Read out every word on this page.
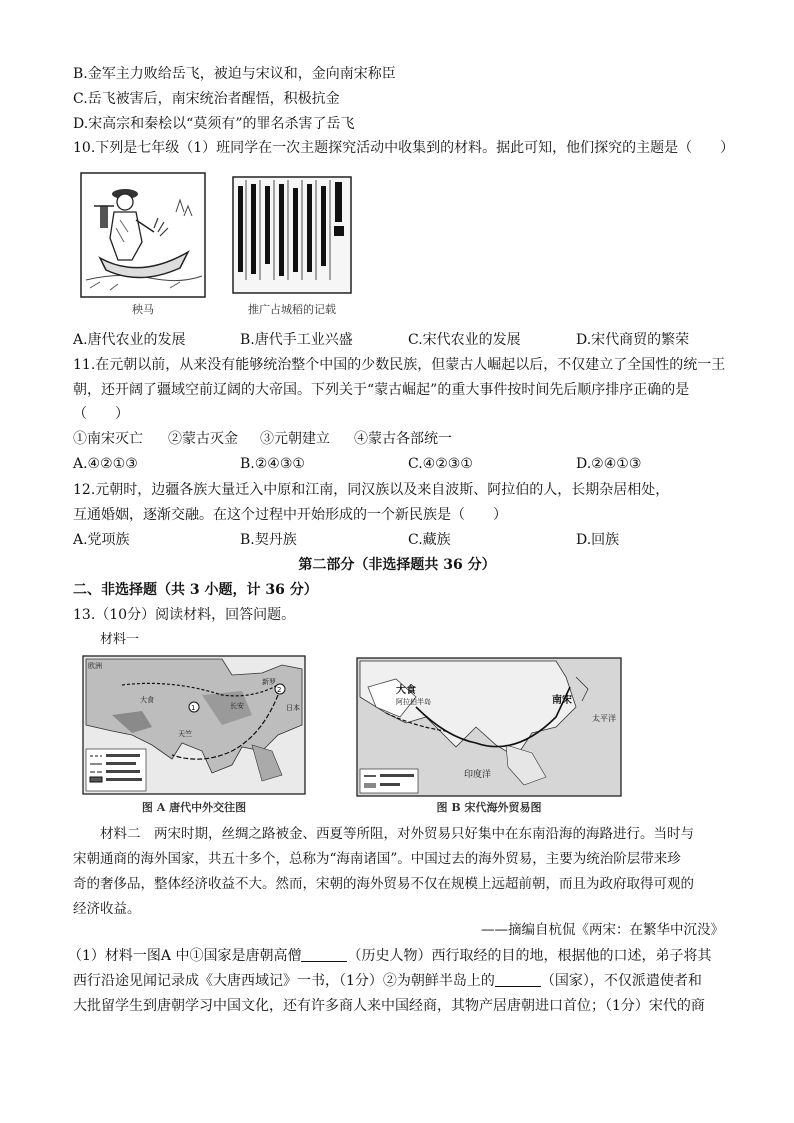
B.金军主力败给岳飞，被迫与宋议和，金向南宋称臣
C.岳飞被害后，南宋统治者醒悟，积极抗金
D.宋高宗和秦桧以“莫须有”的罪名杀害了岳飞
10.下列是七年级（1）班同学在一次主题探究活动中收集到的材料。据此可知，他们探究的主题是（　　）
秧马	推广占城稻的记载
A.唐代农业的发展	B.唐代手工业兴盛	C.宋代农业的发展	D.宋代商贸的繁荣
11.在元朝以前，从来没有能够统治整个中国的少数民族，但蒙古人崛起以后，不仅建立了全国性的统一王
朝，还开阔了疆域空前辽阔的大帝国。下列关于“蒙古崛起”的重大事件按时间先后顺序排序正确的是
（　　）
①南宋灭亡 ②蒙古灭金 ③元朝建立 ④蒙古各部统一
A.④②①③	B.②④③①	C.④②③①	D.②④①③
12.元朝时，边疆各族大量迁入中原和江南，同汉族以及来自波斯、阿拉伯的人，长期杂居相处，
互通婚姻，逐渐交融。在这个过程中开始形成的一个新民族是（　　）
A.党项族	B.契丹族	C.藏族	D.回族
第二部分（非选择题共 36 分）
二、非选择题（共 3 小题，计 36 分）
13.（10分）阅读材料，回答问题。
材料一
1
2
欧洲
大食
天竺
长安	日本
新罗
图 A 唐代中外交往图
大食
阿拉伯半岛	南宋
太平洋
印度洋
图 B 宋代海外贸易图
材料二　两宋时期，丝绸之路被金、西夏等所阻，对外贸易只好集中在东南沿海的海路进行。当时与
宋朝通商的海外国家，共五十多个，总称为“海南诸国”。中国过去的海外贸易，主要为统治阶层带来珍
奇的奢侈品，整体经济收益不大。然而，宋朝的海外贸易不仅在规模上远超前朝，而且为政府取得可观的
经济收益。
——摘编自杭侃《两宋：在繁华中沉没》
（1）材料一图A 中①国家是唐朝高僧	（历史人物）西行取经的目的地，根据他的口述，弟子将其
西行沿途见闻记录成《大唐西域记》一书，（1分）②为朝鲜半岛上的	（国家），不仅派遣使者和
大批留学生到唐朝学习中国文化，还有许多商人来中国经商，其物产居唐朝进口首位；（1分）宋代的商
